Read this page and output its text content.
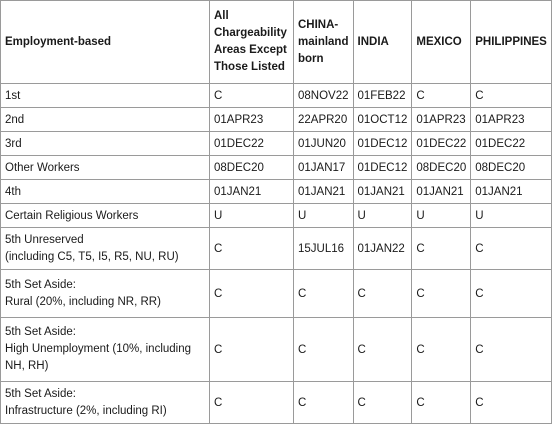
Employment-based	All Chargeability Areas Except Those Listed	CHINA-mainland born	INDIA	MEXICO	PHILIPPINES
1st	C	08NOV22	01FEB22	C	C
2nd	01APR23	22APR20	01OCT12	01APR23	01APR23
3rd	01DEC22	01JUN20	01DEC12	01DEC22	01DEC22
Other Workers	08DEC20	01JAN17	01DEC12	08DEC20	08DEC20
4th	01JAN21	01JAN21	01JAN21	01JAN21	01JAN21
Certain Religious Workers	U	U	U	U	U
5th Unreserved
(including C5, T5, I5, R5, NU, RU)	C	15JUL16	01JAN22	C	C
5th Set Aside:
Rural (20%, including NR, RR)	C	C	C	C	C
5th Set Aside:
High Unemployment (10%, including NH, RH)	C	C	C	C	C
5th Set Aside:
Infrastructure (2%, including RI)	C	C	C	C	C
